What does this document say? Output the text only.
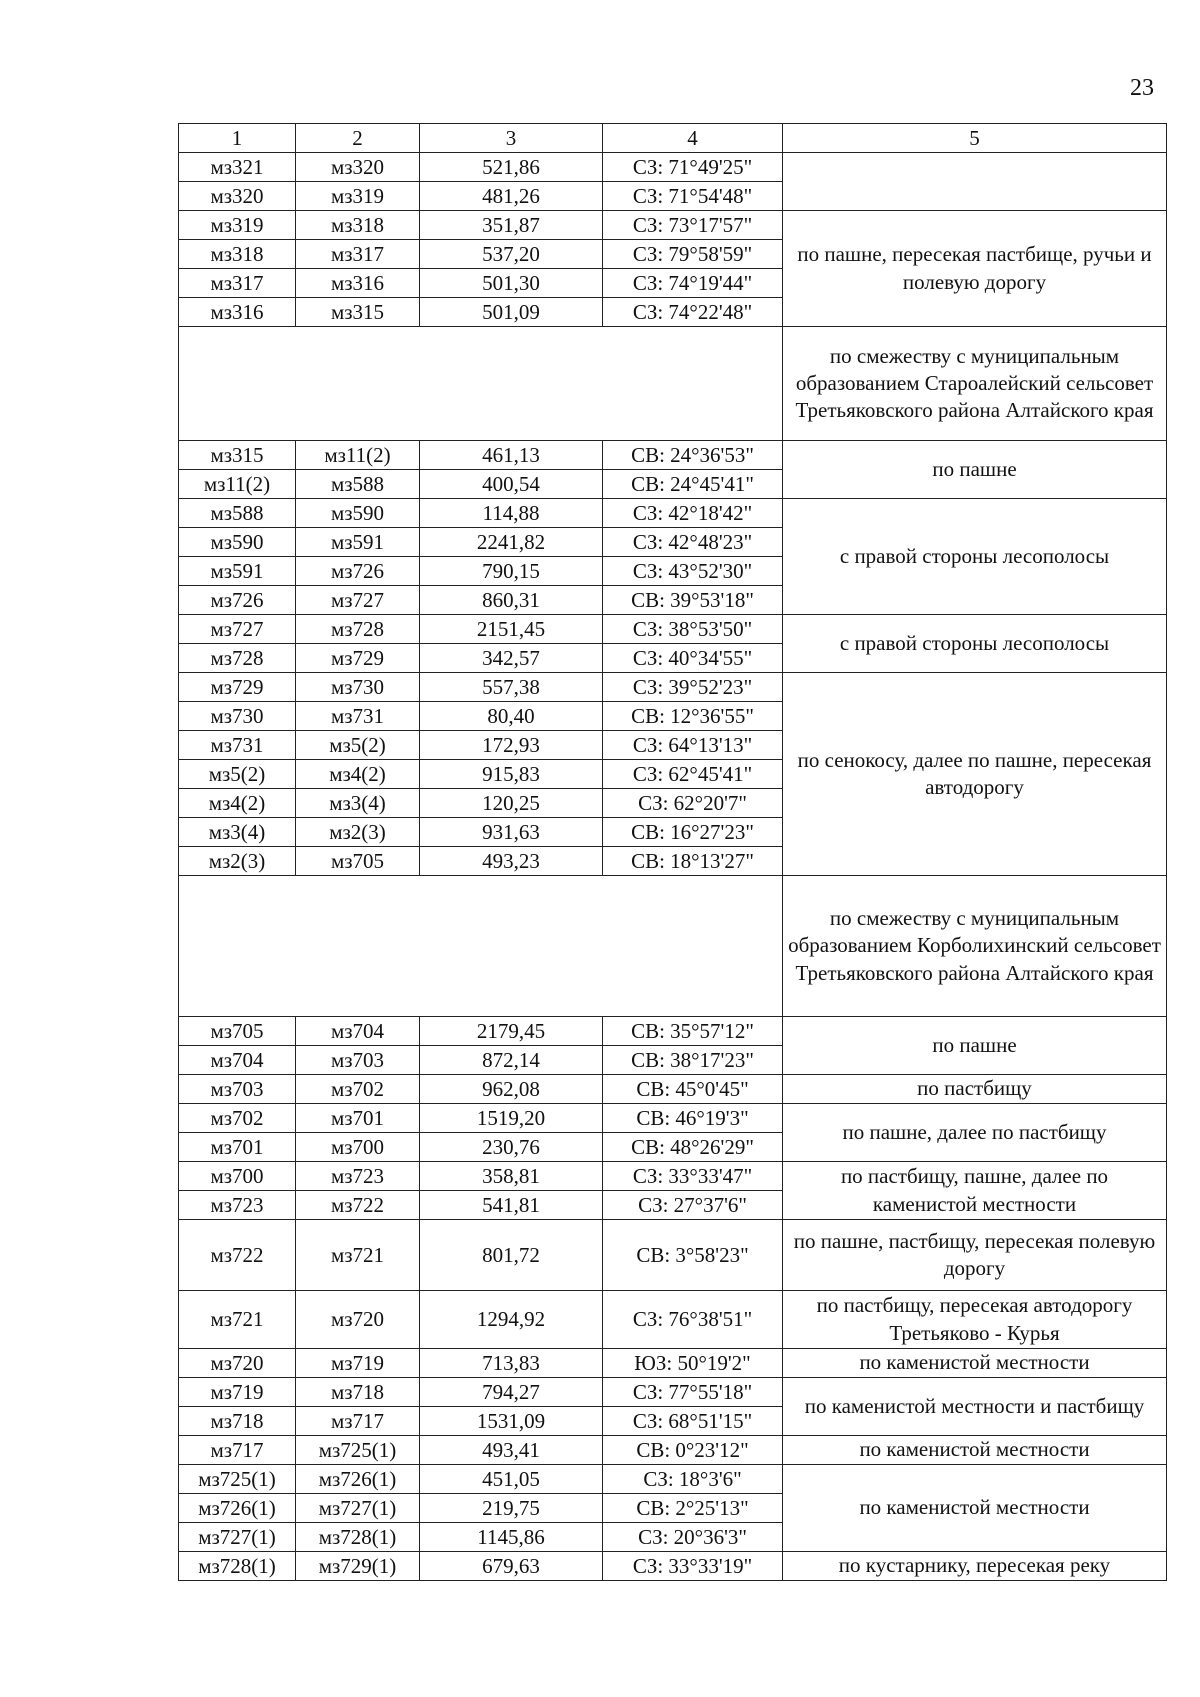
23
1	2	3	4	5
мз321	мз320	521,86	СЗ: 71°49'25"	
мз320	мз319	481,26	СЗ: 71°54'48"	
мз319	мз318	351,87	СЗ: 73°17'57"	по пашне, пересекая пастбище, ручьи и полевую дорогу
мз318	мз317	537,20	СЗ: 79°58'59"	
мз317	мз316	501,30	СЗ: 74°19'44"	
мз316	мз315	501,09	СЗ: 74°22'48"	
				по смежеству с муниципальным образованием Староалейский сельсовет Третьяковского района Алтайского края
мз315	мз11(2)	461,13	СВ: 24°36'53"	по пашне
мз11(2)	мз588	400,54	СВ: 24°45'41"	
мз588	мз590	114,88	СЗ: 42°18'42"	с правой стороны лесополосы
мз590	мз591	2241,82	СЗ: 42°48'23"	
мз591	мз726	790,15	СЗ: 43°52'30"	
мз726	мз727	860,31	СВ: 39°53'18"	
мз727	мз728	2151,45	СЗ: 38°53'50"	с правой стороны лесополосы
мз728	мз729	342,57	СЗ: 40°34'55"	
мз729	мз730	557,38	СЗ: 39°52'23"	по сенокосу, далее по пашне, пересекая автодорогу
мз730	мз731	80,40	СВ: 12°36'55"	
мз731	мз5(2)	172,93	СЗ: 64°13'13"	
мз5(2)	мз4(2)	915,83	СЗ: 62°45'41"	
мз4(2)	мз3(4)	120,25	СЗ: 62°20'7"	
мз3(4)	мз2(3)	931,63	СВ: 16°27'23"	
мз2(3)	мз705	493,23	СВ: 18°13'27"	
				по смежеству с муниципальным образованием Корболихинский сельсовет Третьяковского района Алтайского края
мз705	мз704	2179,45	СВ: 35°57'12"	по пашне
мз704	мз703	872,14	СВ: 38°17'23"	
мз703	мз702	962,08	СВ: 45°0'45"	по пастбищу
мз702	мз701	1519,20	СВ: 46°19'3"	по пашне, далее по пастбищу
мз701	мз700	230,76	СВ: 48°26'29"	
мз700	мз723	358,81	СЗ: 33°33'47"	по пастбищу, пашне, далее по каменистой местности
мз723	мз722	541,81	СЗ: 27°37'6"	
мз722	мз721	801,72	СВ: 3°58'23"	по пашне, пастбищу, пересекая полевую дорогу
мз721	мз720	1294,92	СЗ: 76°38'51"	по пастбищу, пересекая автодорогу Третьяково - Курья
мз720	мз719	713,83	ЮЗ: 50°19'2"	по каменистой местности
мз719	мз718	794,27	СЗ: 77°55'18"	по каменистой местности и пастбищу
мз718	мз717	1531,09	СЗ: 68°51'15"	
мз717	мз725(1)	493,41	СВ: 0°23'12"	по каменистой местности
мз725(1)	мз726(1)	451,05	СЗ: 18°3'6"	по каменистой местности
мз726(1)	мз727(1)	219,75	СВ: 2°25'13"	
мз727(1)	мз728(1)	1145,86	СЗ: 20°36'3"	
мз728(1)	мз729(1)	679,63	СЗ: 33°33'19"	по кустарнику, пересекая реку
